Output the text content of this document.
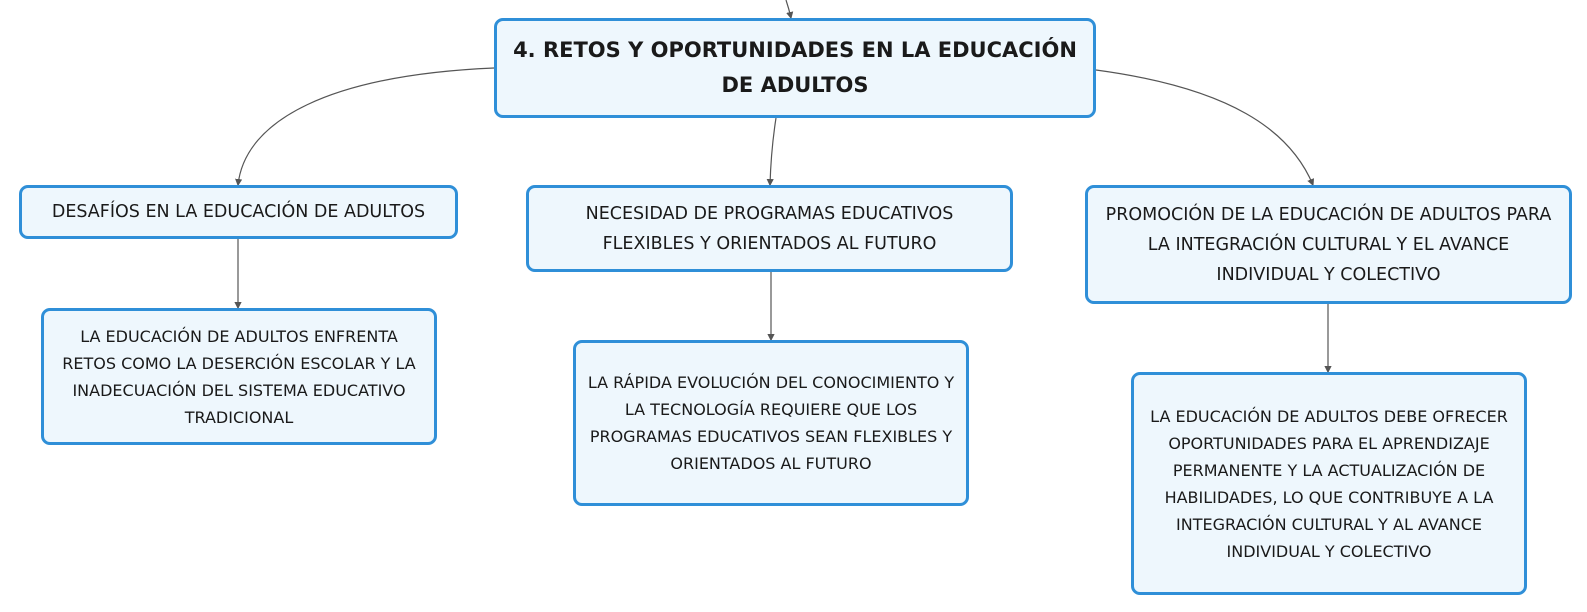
4. RETOS Y OPORTUNIDADES EN LA EDUCACIÓN DE ADULTOS
DESAFÍOS EN LA EDUCACIÓN DE ADULTOS	NECESIDAD DE PROGRAMAS EDUCATIVOS FLEXIBLES Y ORIENTADOS AL FUTURO
PROMOCIÓN DE LA EDUCACIÓN DE ADULTOS PARA LA INTEGRACIÓN CULTURAL Y EL AVANCE INDIVIDUAL Y COLECTIVO
LA EDUCACIÓN DE ADULTOS ENFRENTA RETOS COMO LA DESERCIÓN ESCOLAR Y LA INADECUACIÓN DEL SISTEMA EDUCATIVO TRADICIONAL
LA RÁPIDA EVOLUCIÓN DEL CONOCIMIENTO Y LA TECNOLOGÍA REQUIERE QUE LOS PROGRAMAS EDUCATIVOS SEAN FLEXIBLES Y ORIENTADOS AL FUTURO
LA EDUCACIÓN DE ADULTOS DEBE OFRECER OPORTUNIDADES PARA EL APRENDIZAJE PERMANENTE Y LA ACTUALIZACIÓN DE HABILIDADES, LO QUE CONTRIBUYE A LA INTEGRACIÓN CULTURAL Y AL AVANCE INDIVIDUAL Y COLECTIVO
